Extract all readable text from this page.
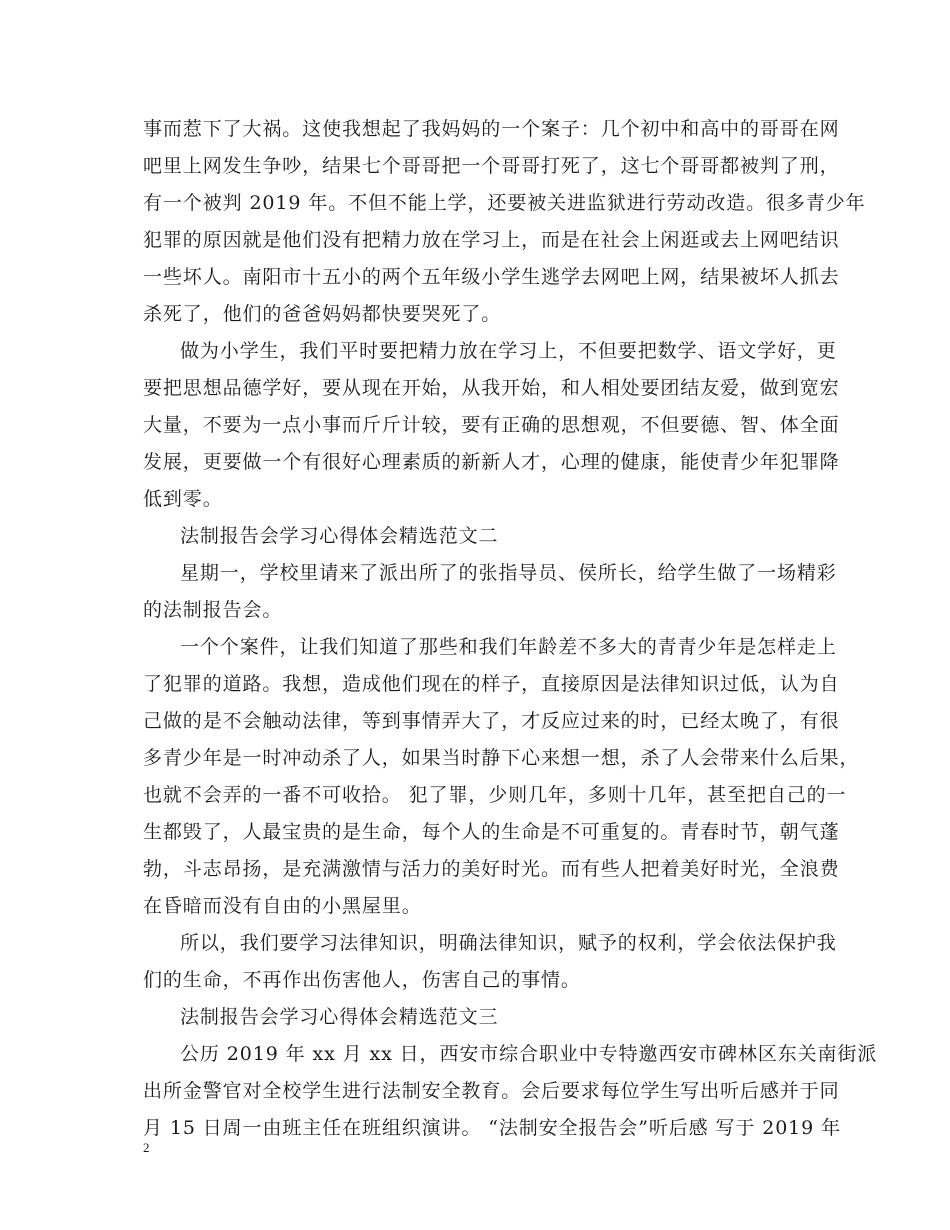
事而惹下了大祸。这使我想起了我妈妈的一个案子：几个初中和高中的哥哥在网
吧里上网发生争吵，结果七个哥哥把一个哥哥打死了，这七个哥哥都被判了刑，
有一个被判 2019 年。不但不能上学，还要被关进监狱进行劳动改造。很多青少年
犯罪的原因就是他们没有把精力放在学习上，而是在社会上闲逛或去上网吧结识
一些坏人。南阳市十五小的两个五年级小学生逃学去网吧上网，结果被坏人抓去
杀死了，他们的爸爸妈妈都快要哭死了。
做为小学生，我们平时要把精力放在学习上，不但要把数学、语文学好，更
要把思想品德学好，要从现在开始，从我开始，和人相处要团结友爱，做到宽宏
大量，不要为一点小事而斤斤计较，要有正确的思想观，不但要德、智、体全面
发展，更要做一个有很好心理素质的新新人才，心理的健康，能使青少年犯罪降
低到零。
法制报告会学习心得体会精选范文二
星期一，学校里请来了派出所了的张指导员、侯所长，给学生做了一场精彩
的法制报告会。
一个个案件，让我们知道了那些和我们年龄差不多大的青青少年是怎样走上
了犯罪的道路。我想，造成他们现在的样子，直接原因是法律知识过低，认为自
己做的是不会触动法律，等到事情弄大了，才反应过来的时，已经太晚了，有很
多青少年是一时冲动杀了人，如果当时静下心来想一想，杀了人会带来什么后果，
也就不会弄的一番不可收拾。 犯了罪，少则几年，多则十几年，甚至把自己的一
生都毁了，人最宝贵的是生命，每个人的生命是不可重复的。青春时节，朝气蓬
勃，斗志昂扬，是充满激情与活力的美好时光。而有些人把着美好时光，全浪费
在昏暗而没有自由的小黑屋里。
所以，我们要学习法律知识，明确法律知识，赋予的权利，学会依法保护我
们的生命，不再作出伤害他人，伤害自己的事情。
法制报告会学习心得体会精选范文三
公历 2019 年 xx 月 xx 日，西安市综合职业中专特邀西安市碑林区东关南街派
出所金警官对全校学生进行法制安全教育。会后要求每位学生写出听后感并于同
月 15 日周一由班主任在班组织演讲。 “法制安全报告会”听后感 写于 2019 年
2
